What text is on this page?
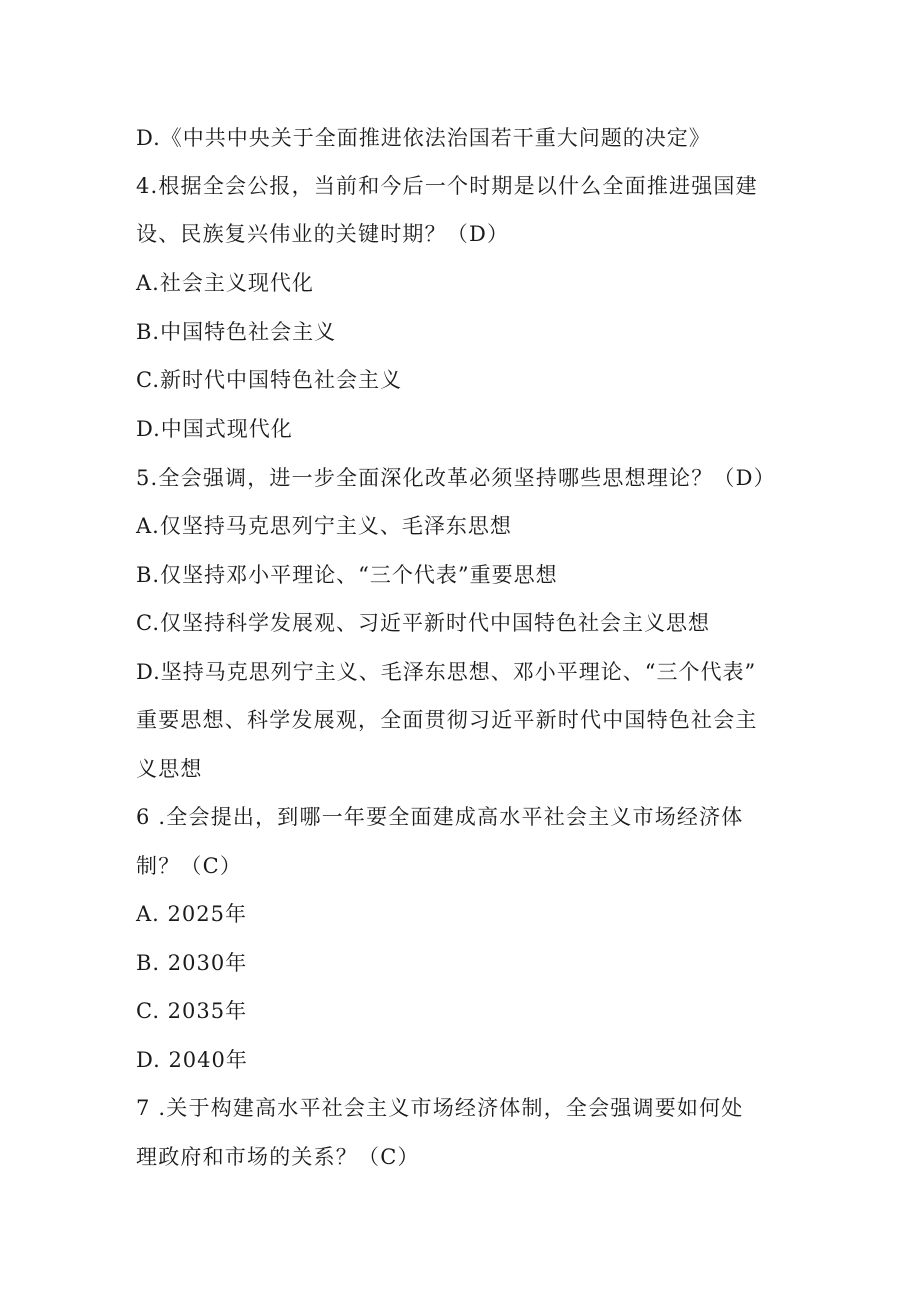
D.《中共中央关于全面推进依法治国若干重大问题的决定》
4.根据全会公报，当前和今后一个时期是以什么全面推进强国建
设、民族复兴伟业的关键时期？（D）
A.社会主义现代化
B.中国特色社会主义
C.新时代中国特色社会主义
D.中国式现代化
5.全会强调，进一步全面深化改革必须坚持哪些思想理论？（D）
A.仅坚持马克思列宁主义、毛泽东思想
B.仅坚持邓小平理论、“三个代表”重要思想
C.仅坚持科学发展观、习近平新时代中国特色社会主义思想
D.坚持马克思列宁主义、毛泽东思想、邓小平理论、“三个代表”
重要思想、科学发展观，全面贯彻习近平新时代中国特色社会主
义思想
6 .全会提出，到哪一年要全面建成高水平社会主义市场经济体
制？（C）
A. 2025年
B. 2030年
C. 2035年
D. 2040年
7 .关于构建高水平社会主义市场经济体制，全会强调要如何处
理政府和市场的关系？（C）
